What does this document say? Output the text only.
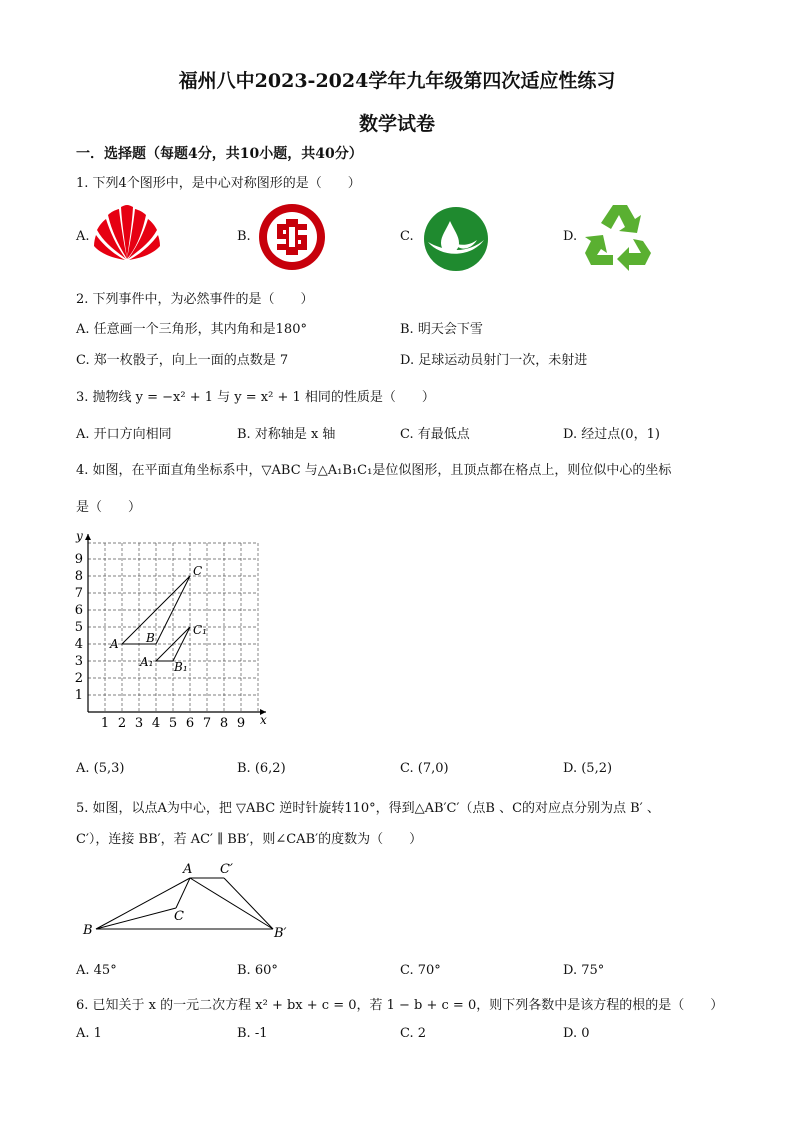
福州八中2023-2024学年九年级第四次适应性练习
数学试卷
一．选择题（每题4分，共10小题，共40分）
1. 下列4个图形中，是中心对称图形的是（　　）
A.	B.	C.	D.
2. 下列事件中，为必然事件的是（　　）
A. 任意画一个三角形，其内角和是180°	B. 明天会下雪
C. 郑一枚骰子，向上一面的点数是 7	D. 足球运动员射门一次，未射进
3. 抛物线 y = −x² + 1 与 y = x² + 1 相同的性质是（　　）
A. 开口方向相同	B. 对称轴是 x 轴	C. 有最低点	D. 经过点(0，1)
4. 如图，在平面直角坐标系中，▽ABC 与△A₁B₁C₁是位似图形，且顶点都在格点上，则位似中心的坐标
是（　　）
y
x
A B
C
A₁ B₁
C₁
1 2 3 4 5 6 7 8 9
1
2
3
4
5
6
7
8
9
A. (5,3)	B. (6,2)	C. (7,0)	D. (5,2)
5. 如图，以点A为中心，把 ▽ABC 逆时针旋转110°，得到△AB′C′（点B 、C的对应点分别为点 B′ 、
C′），连接 BB′，若 AC′ ∥ BB′，则∠CAB′的度数为（　　）
A
B
C
C′
B′
A. 45°	B. 60°	C. 70°	D. 75°
6. 已知关于 x 的一元二次方程 x² + bx + c = 0，若 1 − b + c = 0，则下列各数中是该方程的根的是（　　）
A. 1	B. -1	C. 2	D. 0
